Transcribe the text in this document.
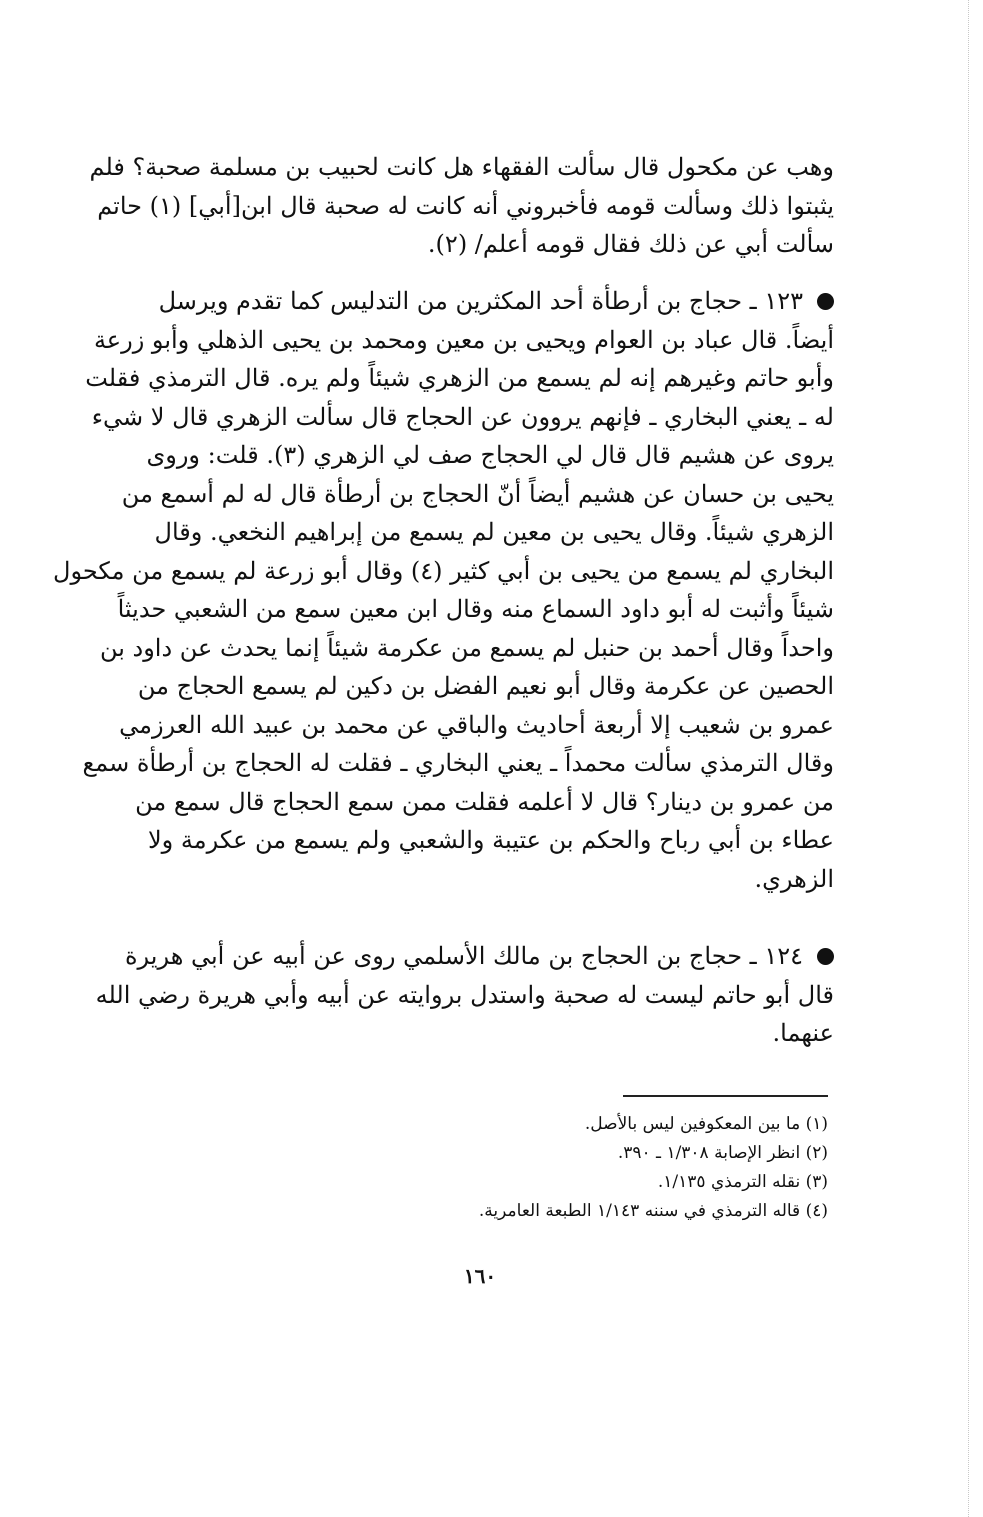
وهب عن مكحول قال سألت الفقهاء هل كانت لحبيب بن مسلمة صحبة؟ فلم
يثبتوا ذلك وسألت قومه فأخبروني أنه كانت له صحبة قال ابن[أبي] (١) حاتم
سألت أبي عن ذلك فقال قومه أعلم/ (٢).
١٢٣ ـ حجاج بن أرطأة أحد المكثرين من التدليس كما تقدم ويرسل
أيضاً. قال عباد بن العوام ويحيى بن معين ومحمد بن يحيى الذهلي وأبو زرعة
وأبو حاتم وغيرهم إنه لم يسمع من الزهري شيئاً ولم يره. قال الترمذي فقلت
له ـ يعني البخاري ـ فإنهم يروون عن الحجاج قال سألت الزهري قال لا شيء
يروى عن هشيم قال قال لي الحجاج صف لي الزهري (٣). قلت: وروى
يحيى بن حسان عن هشيم أيضاً أنّ الحجاج بن أرطأة قال له لم أسمع من
الزهري شيئاً. وقال يحيى بن معين لم يسمع من إبراهيم النخعي. وقال
البخاري لم يسمع من يحيى بن أبي كثير (٤) وقال أبو زرعة لم يسمع من مكحول
شيئاً وأثبت له أبو داود السماع منه وقال ابن معين سمع من الشعبي حديثاً
واحداً وقال أحمد بن حنبل لم يسمع من عكرمة شيئاً إنما يحدث عن داود بن
الحصين عن عكرمة وقال أبو نعيم الفضل بن دكين لم يسمع الحجاج من
عمرو بن شعيب إلا أربعة أحاديث والباقي عن محمد بن عبيد الله العرزمي
وقال الترمذي سألت محمداً ـ يعني البخاري ـ فقلت له الحجاج بن أرطأة سمع
من عمرو بن دينار؟ قال لا أعلمه فقلت ممن سمع الحجاج قال سمع من
عطاء بن أبي رباح والحكم بن عتيبة والشعبي ولم يسمع من عكرمة ولا
الزهري.
١٢٤ ـ حجاج بن الحجاج بن مالك الأسلمي روى عن أبيه عن أبي هريرة
قال أبو حاتم ليست له صحبة واستدل بروايته عن أبيه وأبي هريرة رضي الله
عنهما.
(١) ما بين المعكوفين ليس بالأصل.
(٢) انظر الإصابة ١/٣٠٨ ـ ٣٩٠.
(٣) نقله الترمذي ١/١٣٥.
(٤) قاله الترمذي في سننه ١/١٤٣ الطبعة العامرية.
١٦٠
